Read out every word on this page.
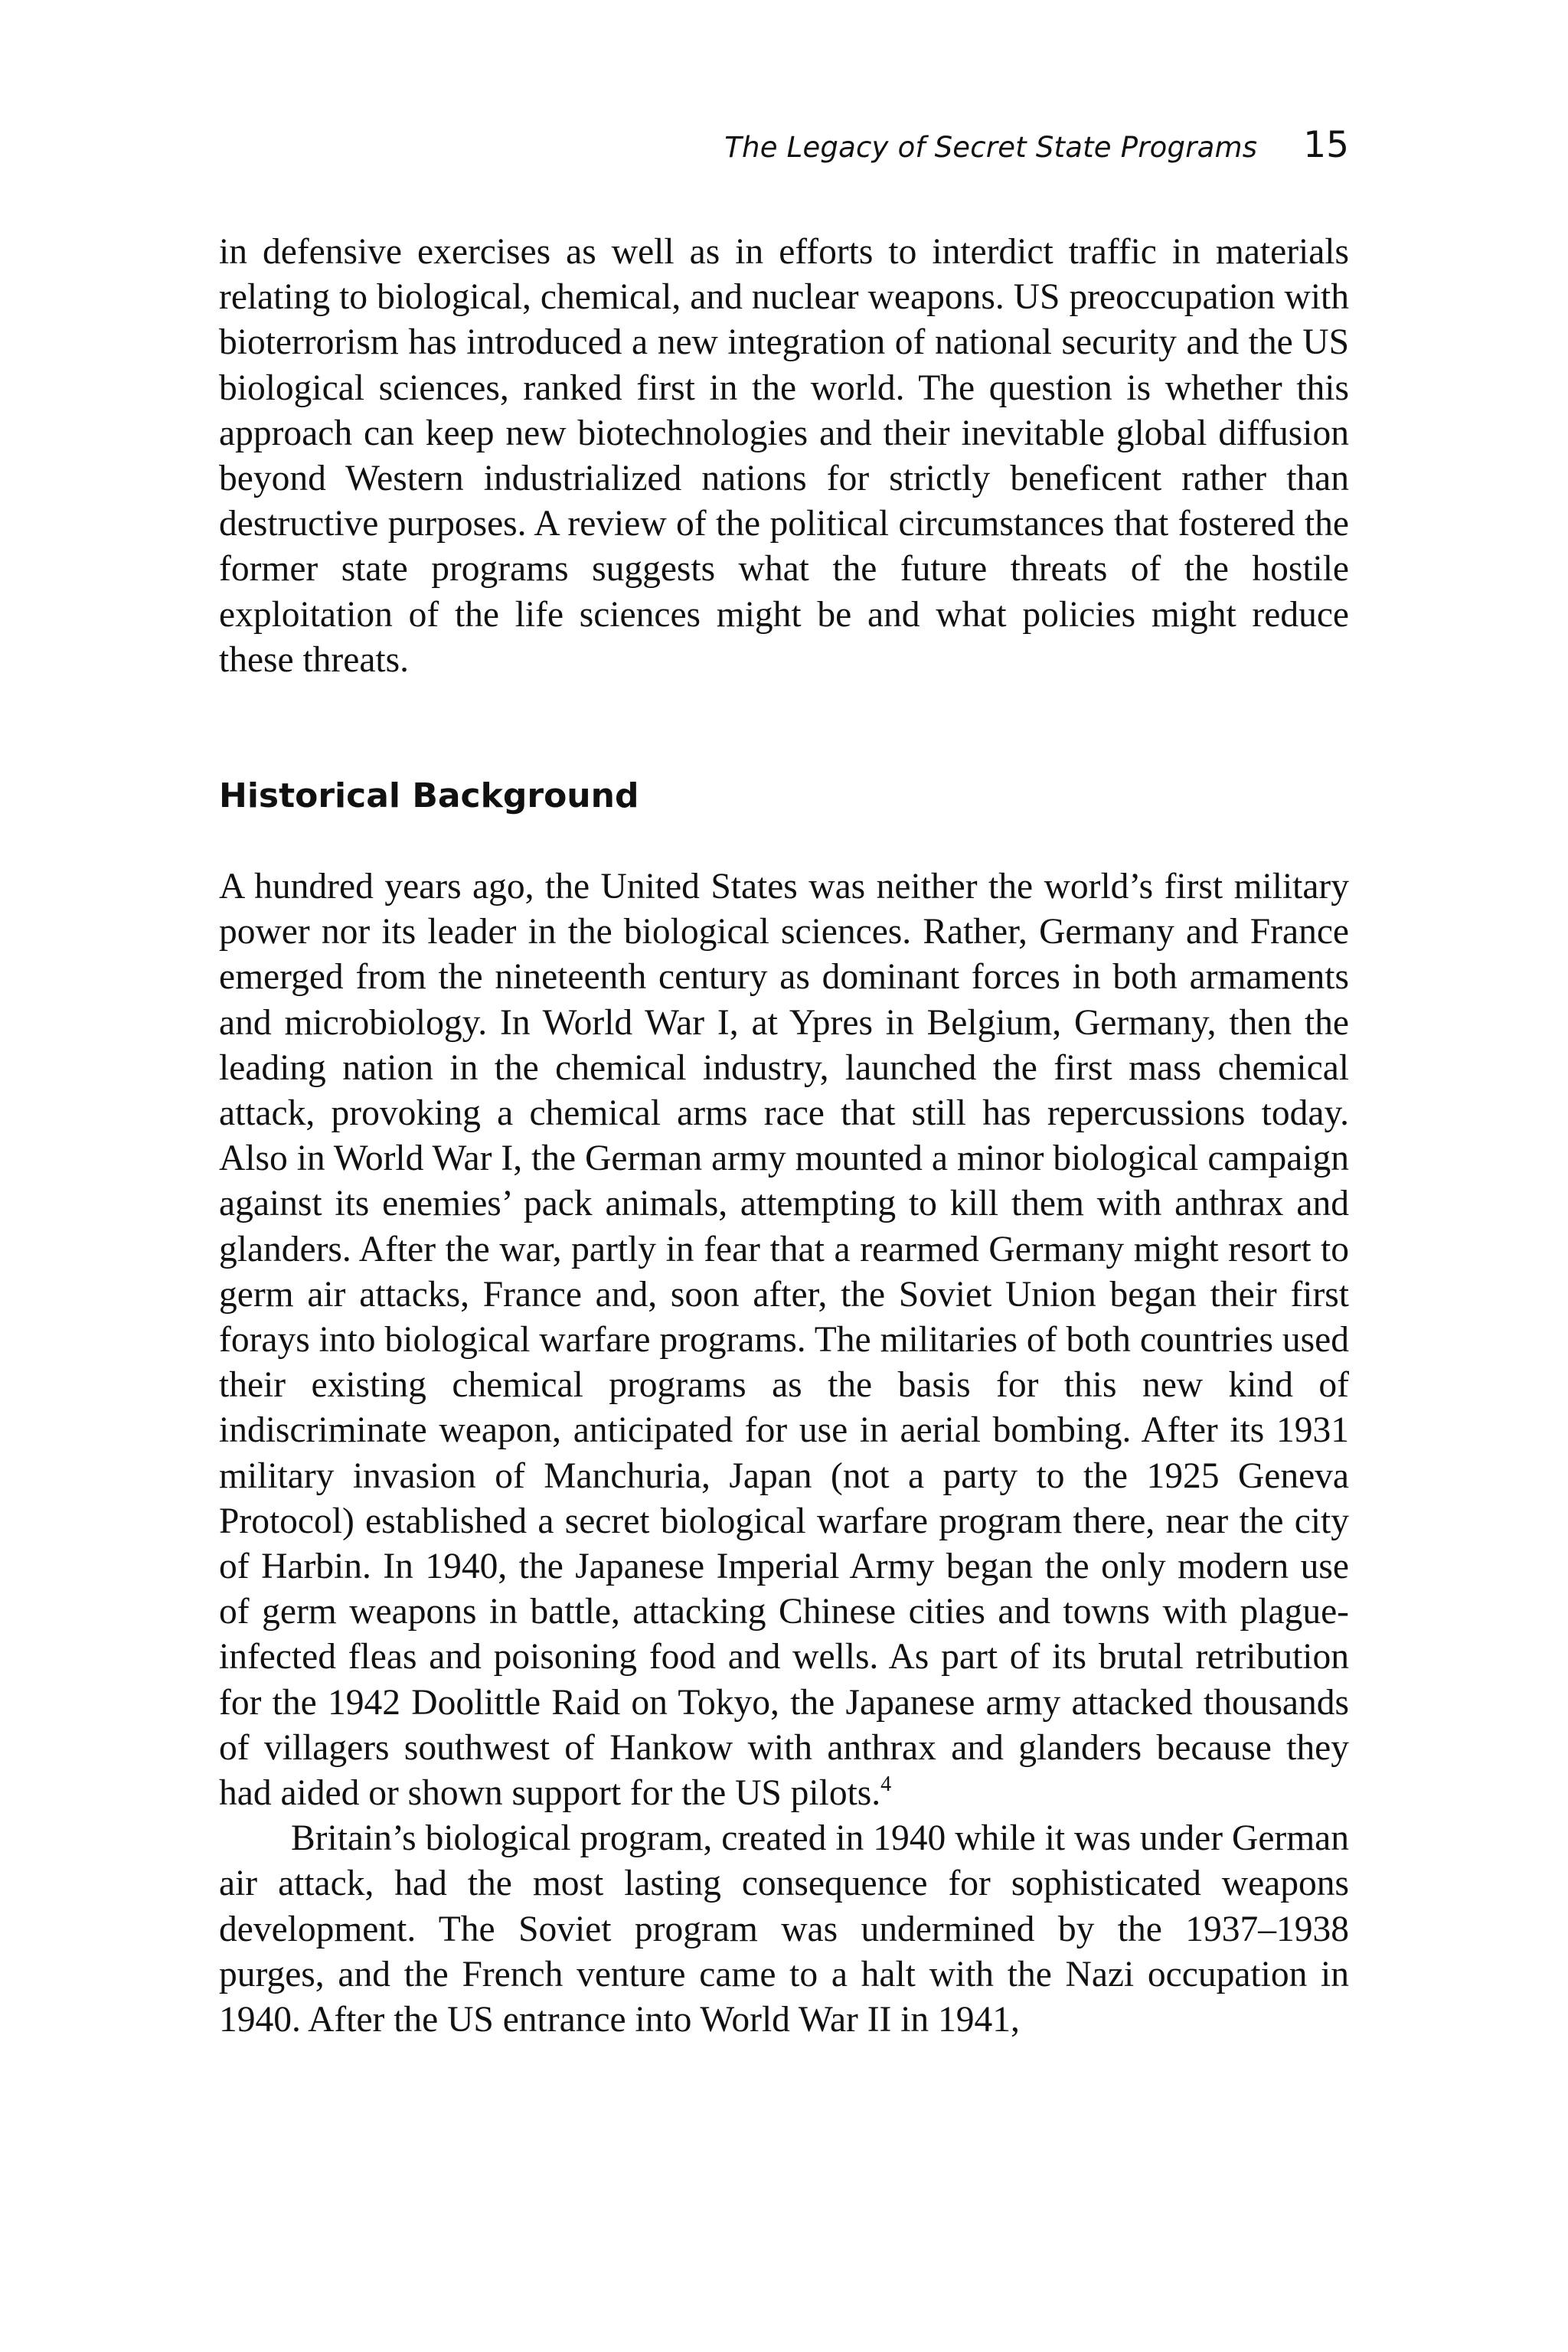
The Legacy of Secret State Programs 15

in defensive exercises as well as in efforts to interdict traffic in materials relating to biological, chemical, and nuclear weapons. US preoccupation with bioterrorism has introduced a new integration of national security and the US biological sciences, ranked first in the world. The question is whether this approach can keep new biotechnologies and their inevitable global diffusion beyond Western industrialized nations for strictly beneficent rather than destructive purposes. A review of the political circumstances that fostered the former state programs suggests what the future threats of the hostile exploitation of the life sciences might be and what policies might reduce these threats.

Historical Background

A hundred years ago, the United States was neither the world’s first military power nor its leader in the biological sciences. Rather, Germany and France emerged from the nineteenth century as dominant forces in both armaments and microbiology. In World War I, at Ypres in Belgium, Germany, then the leading nation in the chemical industry, launched the first mass chemical attack, provoking a chemical arms race that still has repercussions today. Also in World War I, the German army mounted a minor biological campaign against its enemies’ pack animals, attempting to kill them with anthrax and glanders. After the war, partly in fear that a rearmed Germany might resort to germ air attacks, France and, soon after, the Soviet Union began their first forays into biological warfare programs. The militaries of both countries used their existing chemical programs as the basis for this new kind of indiscriminate weapon, anticipated for use in aerial bombing. After its 1931 military invasion of Manchuria, Japan (not a party to the 1925 Geneva Protocol) established a secret biological warfare program there, near the city of Harbin. In 1940, the Japanese Imperial Army began the only modern use of germ weapons in battle, attacking Chinese cities and towns with plague-infected fleas and poisoning food and wells. As part of its brutal retribution for the 1942 Doolittle Raid on Tokyo, the Japanese army attacked thousands of villagers southwest of Hankow with anthrax and glanders because they had aided or shown support for the US pilots.$^4$

Britain’s biological program, created in 1940 while it was under German air attack, had the most lasting consequence for sophisticated weapons development. The Soviet program was undermined by the 1937–1938 purges, and the French venture came to a halt with the Nazi occupation in 1940. After the US entrance into World War II in 1941,
